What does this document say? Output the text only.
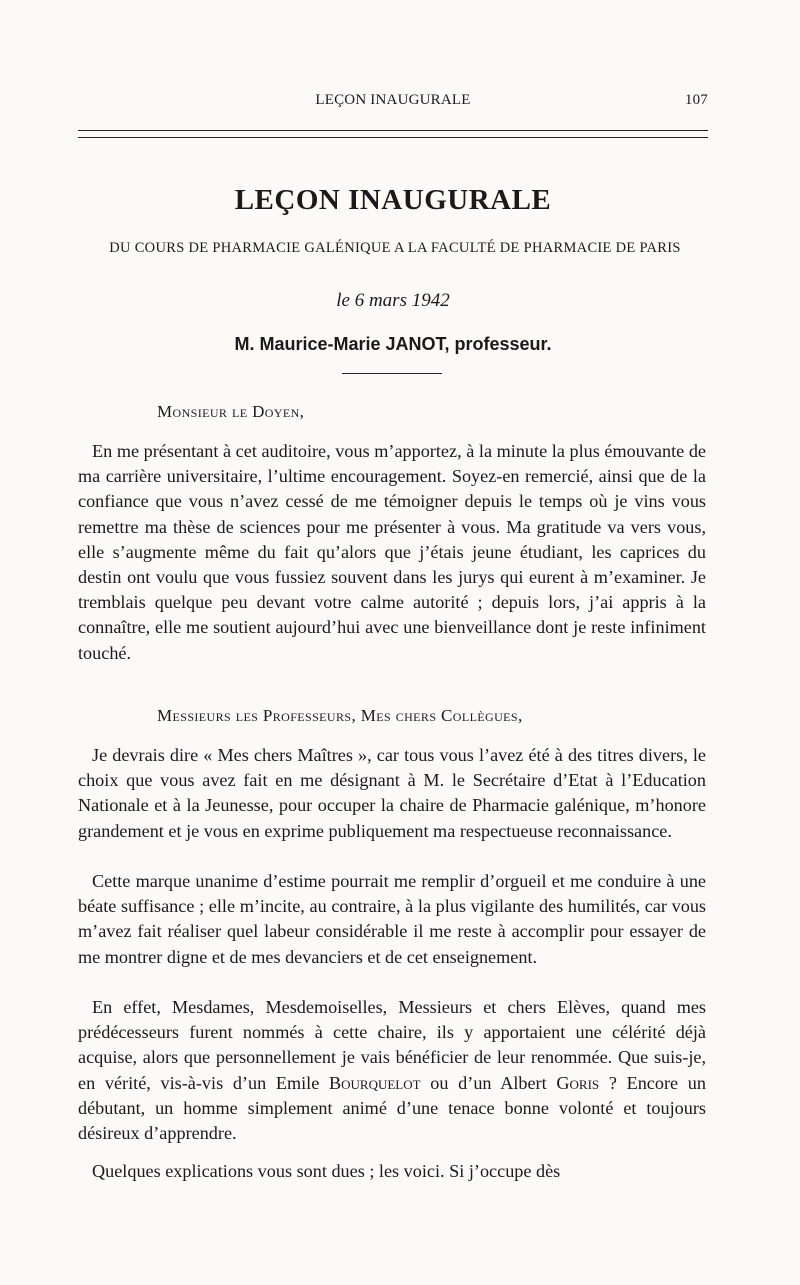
LEÇON INAUGURALE	107
LEÇON INAUGURALE
DU COURS DE PHARMACIE GALÉNIQUE A LA FACULTÉ DE PHARMACIE DE PARIS
le 6 mars 1942
M. Maurice-Marie JANOT, professeur.
Monsieur le Doyen,
En me présentant à cet auditoire, vous m’apportez, à la minute la plus émouvante de ma carrière universitaire, l’ultime encouragement. Soyez-en remercié, ainsi que de la confiance que vous n’avez cessé de me témoigner depuis le temps où je vins vous remettre ma thèse de sciences pour me présenter à vous. Ma gratitude va vers vous, elle s’augmente même du fait qu’alors que j’étais jeune étudiant, les caprices du destin ont voulu que vous fussiez souvent dans les jurys qui eurent à m’examiner. Je tremblais quelque peu devant votre calme autorité ; depuis lors, j’ai appris à la connaître, elle me soutient aujourd’hui avec une bienveillance dont je reste infiniment touché.
Messieurs les Professeurs, Mes chers Collègues,
Je devrais dire « Mes chers Maîtres », car tous vous l’avez été à des titres divers, le choix que vous avez fait en me désignant à M. le Secrétaire d’Etat à l’Education Nationale et à la Jeunesse, pour occuper la chaire de Pharmacie galénique, m’honore grandement et je vous en exprime publiquement ma respectueuse reconnaissance.
Cette marque unanime d’estime pourrait me remplir d’orgueil et me conduire à une béate suffisance ; elle m’incite, au contraire, à la plus vigilante des humilités, car vous m’avez fait réaliser quel labeur considérable il me reste à accomplir pour essayer de me montrer digne et de mes devanciers et de cet enseignement.
En effet, Mesdames, Mesdemoiselles, Messieurs et chers Elèves, quand mes prédécesseurs furent nommés à cette chaire, ils y apportaient une célérité déjà acquise, alors que personnellement je vais bénéficier de leur renommée. Que suis-je, en vérité, vis-à-vis d’un Emile Bourquelot ou d’un Albert Goris ? Encore un débutant, un homme simplement animé d’une tenace bonne volonté et toujours désireux d’apprendre.
Quelques explications vous sont dues ; les voici. Si j’occupe dès
